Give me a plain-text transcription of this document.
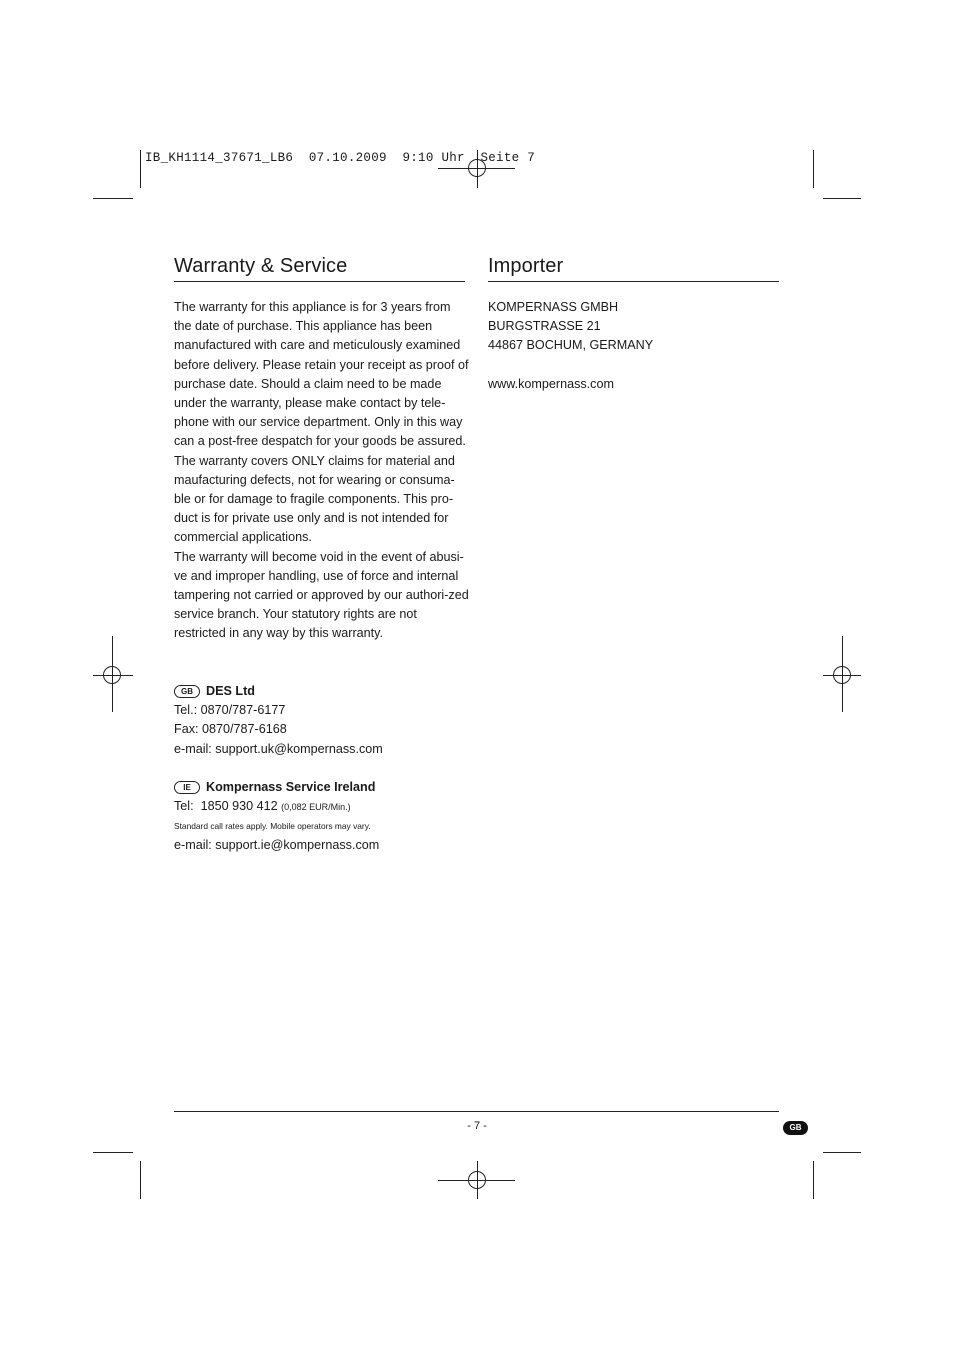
IB_KH1114_37671_LB6  07.10.2009  9:10 Uhr  Seite 7
Warranty & Service

The warranty for this appliance is for 3 years from the date of purchase. This appliance has been manufactured with care and meticulously examined before delivery. Please retain your receipt as proof of purchase date. Should a claim need to be made under the warranty, please make contact by tele-phone with our service department. Only in this way can a post-free despatch for your goods be assured.

The warranty covers ONLY claims for material and maufacturing defects, not for wearing or consuma-ble or for damage to fragile components. This pro-duct is for private use only and is not intended for commercial applications.

The warranty will become void in the event of abusi-ve and improper handling, use of force and internal tampering not carried or approved by our authori-zed service branch. Your statutory rights are not restricted in any way by this warranty.

GB DES Ltd
Tel.: 0870/787-6177
Fax: 0870/787-6168
e-mail: support.uk@kompernass.com
IE Kompernass Service Ireland
Tel: 1850 930 412 (0,082 EUR/Min.)
Standard call rates apply. Mobile operators may vary.
e-mail: support.ie@kompernass.com
Importer
KOMPERNASS GMBH
BURGSTRASSE 21
44867 BOCHUM, GERMANY
www.kompernass.com
- 7 -	GB
